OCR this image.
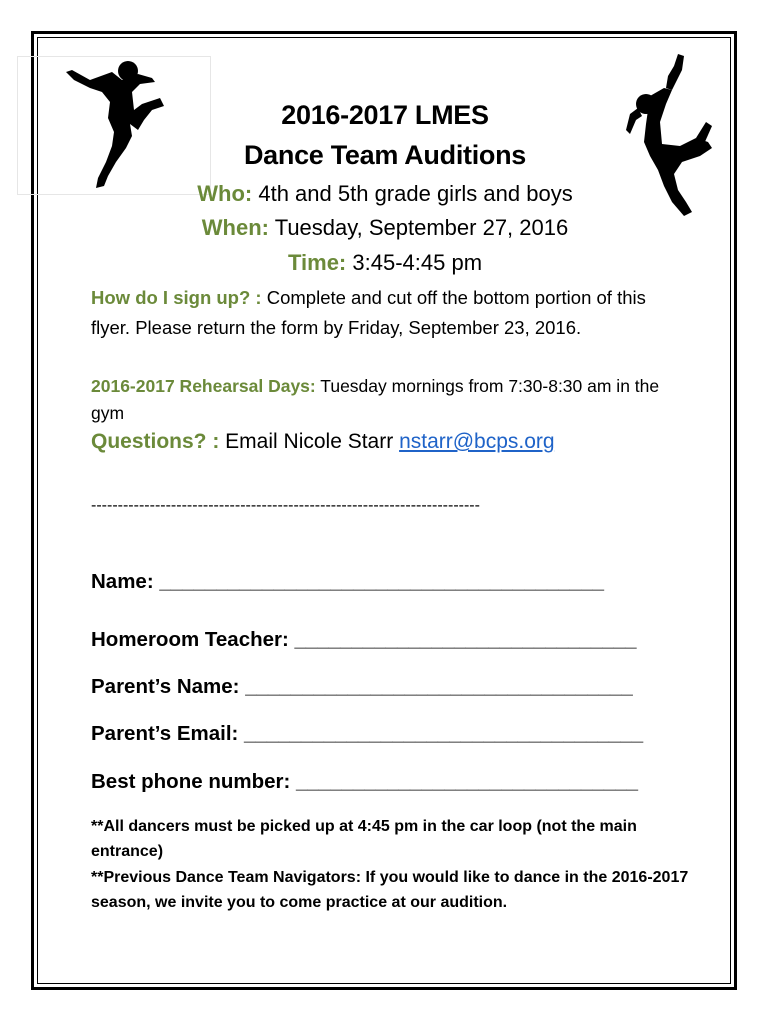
2016-2017 LMES
Dance Team Auditions
Who: 4th and 5th grade girls and boys
When: Tuesday, September 27, 2016
Time: 3:45-4:45 pm
How do I sign up? : Complete and cut off the bottom portion of this flyer. Please return the form by Friday, September 23, 2016.
2016-2017 Rehearsal Days: Tuesday mornings from 7:30-8:30 am in the gym
Questions? : Email Nicole Starr nstarr@bcps.org
-------------------------------------------------------------------------
Name: _______________________________________
Homeroom Teacher: ______________________________
Parent’s Name: __________________________________
Parent’s Email: ___________________________________
Best phone number: ______________________________
**All dancers must be picked up at 4:45 pm in the car loop (not the main entrance)
**Previous Dance Team Navigators: If you would like to dance in the 2016-2017 season, we invite you to come practice at our audition.
